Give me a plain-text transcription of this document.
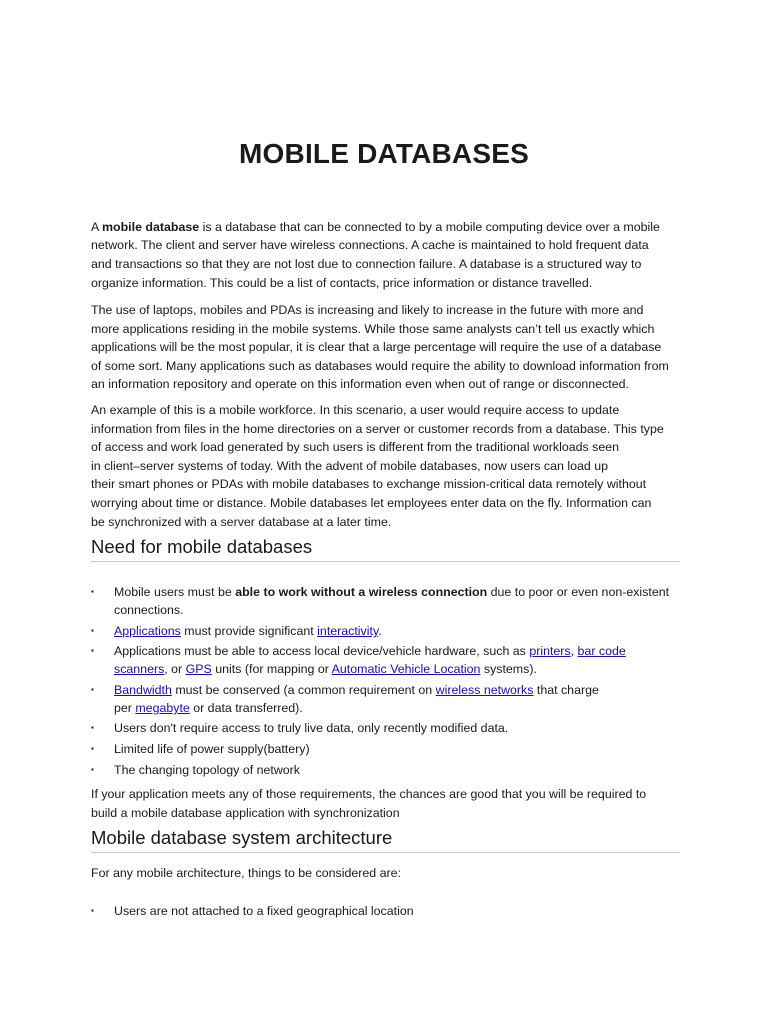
MOBILE DATABASES
A mobile database is a database that can be connected to by a mobile computing device over a mobile
network. The client and server have wireless connections. A cache is maintained to hold frequent data
and transactions so that they are not lost due to connection failure. A database is a structured way to
organize information. This could be a list of contacts, price information or distance travelled.
The use of laptops, mobiles and PDAs is increasing and likely to increase in the future with more and
more applications residing in the mobile systems. While those same analysts can’t tell us exactly which
applications will be the most popular, it is clear that a large percentage will require the use of a database
of some sort. Many applications such as databases would require the ability to download information from
an information repository and operate on this information even when out of range or disconnected.
An example of this is a mobile workforce. In this scenario, a user would require access to update
information from files in the home directories on a server or customer records from a database. This type
of access and work load generated by such users is different from the traditional workloads seen
in client–server systems of today. With the advent of mobile databases, now users can load up
their smart phones or PDAs with mobile databases to exchange mission-critical data remotely without
worrying about time or distance. Mobile databases let employees enter data on the fly. Information can
be synchronized with a server database at a later time.
Need for mobile databases
▪ Mobile users must be able to work without a wireless connection due to poor or even non-existent
connections.
▪ Applications must provide significant interactivity.
▪ Applications must be able to access local device/vehicle hardware, such as printers, bar code
scanners, or GPS units (for mapping or Automatic Vehicle Location systems).
▪ Bandwidth must be conserved (a common requirement on wireless networks that charge
per megabyte or data transferred).
▪ Users don't require access to truly live data, only recently modified data.
▪ Limited life of power supply(battery)
▪ The changing topology of network
If your application meets any of those requirements, the chances are good that you will be required to
build a mobile database application with synchronization
Mobile database system architecture
For any mobile architecture, things to be considered are:
▪ Users are not attached to a fixed geographical location
